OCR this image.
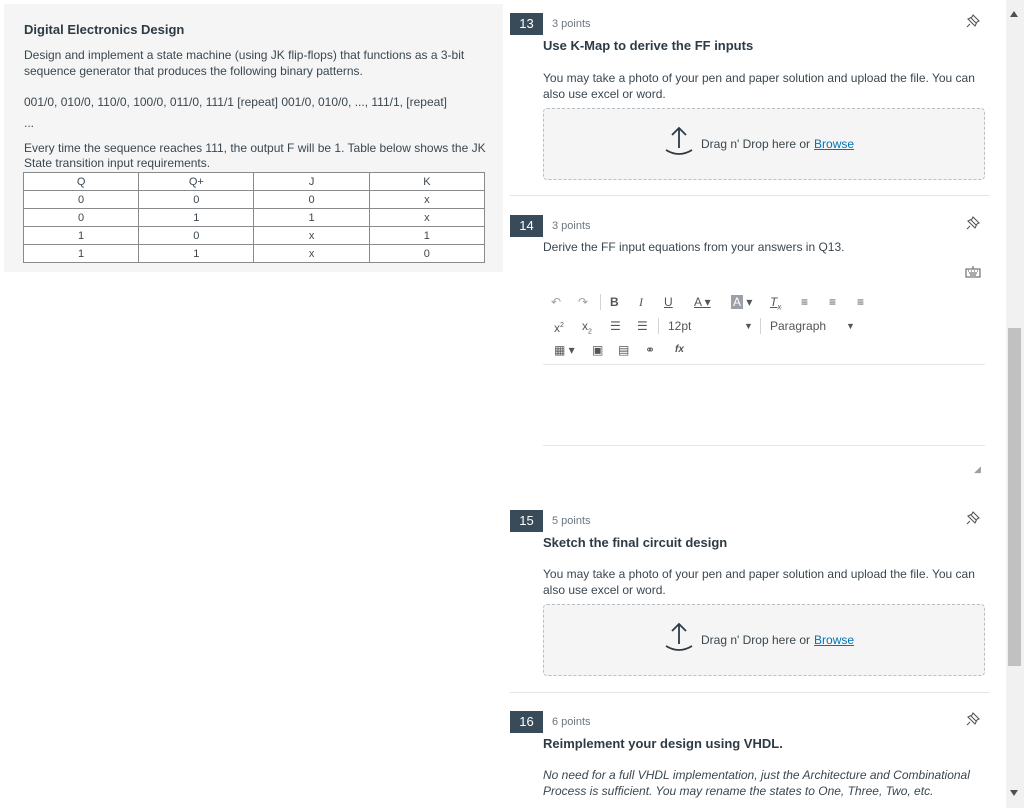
Digital Electronics Design
Design and implement a state machine (using JK flip-flops) that functions as a 3-bit sequence generator that produces the following binary patterns.
001/0, 010/0, 110/0, 100/0, 011/0, 111/1 [repeat] 001/0, 010/0, ..., 111/1, [repeat]
...
Every time the sequence reaches 111, the output F will be 1. Table below shows the JK State transition input requirements.
Q	Q+	J	K
0	0	0	x
0	1	1	x
1	0	x	1
1	1	x	0
13	3 points
Use K-Map to derive the FF inputs
You may take a photo of your pen and paper solution and upload the file. You can also use excel or word.
Drag n' Drop here or Browse
14	3 points
Derive the FF input equations from your answers in Q13.
↶ ↷ B I U A ▾ A ▾ $T_x$ ≡ ≡ ≡
$x^2$ $x_2$ ☰ ☰ 12pt	▼ Paragraph ▼
▦ ▾ ▣ ▤ ⚭ fx
◢
15	5 points
Sketch the final circuit design
You may take a photo of your pen and paper solution and upload the file. You can also use excel or word.
Drag n' Drop here or Browse
16	6 points
Reimplement your design using VHDL.
No need for a full VHDL implementation, just the Architecture and Combinational Process is sufficient. You may rename the states to One, Three, Two, etc.
